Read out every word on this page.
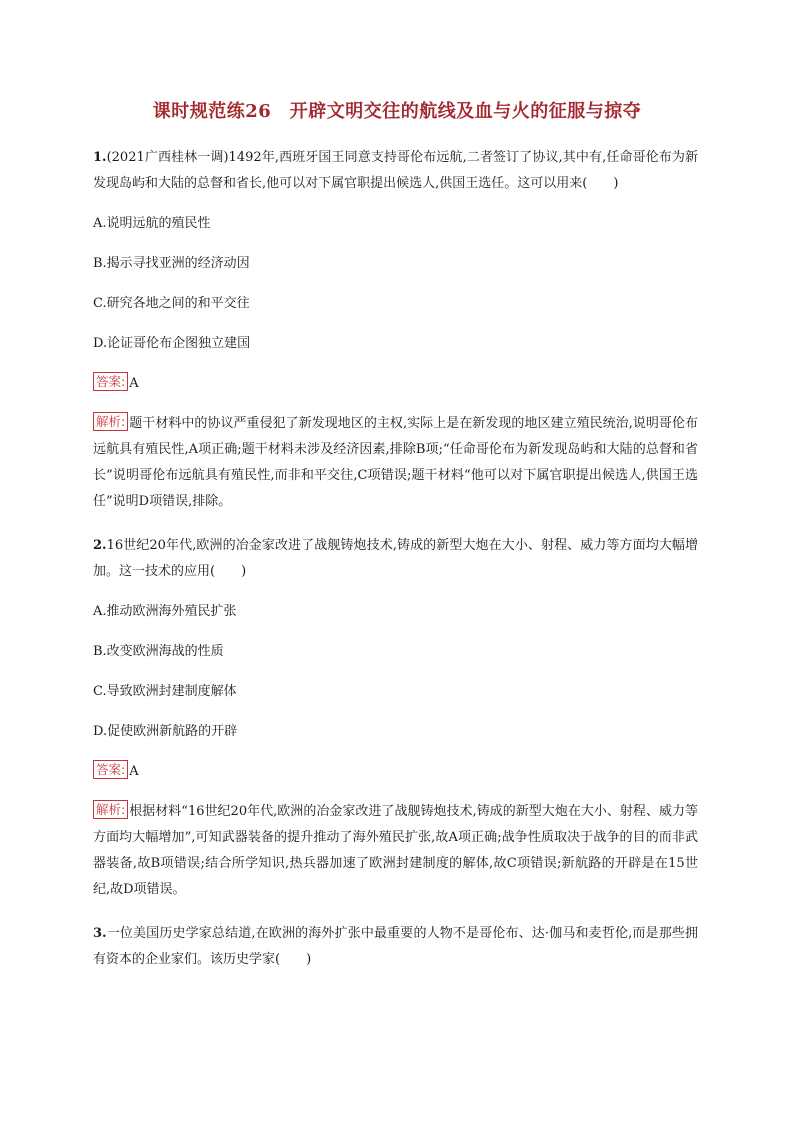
课时规范练26　开辟文明交往的航线及血与火的征服与掠夺

1.(2021广西桂林一调)1492年,西班牙国王同意支持哥伦布远航,二者签订了协议,其中有,任命哥伦布为新发现岛屿和大陆的总督和省长,他可以对下属官职提出候选人,供国王选任。这可以用来(　　)

A.说明远航的殖民性

B.揭示寻找亚洲的经济动因

C.研究各地之间的和平交往

D.论证哥伦布企图独立建国

答案: A

解析: 题干材料中的协议严重侵犯了新发现地区的主权,实际上是在新发现的地区建立殖民统治,说明哥伦布远航具有殖民性,A项正确;题干材料未涉及经济因素,排除B项;“任命哥伦布为新发现岛屿和大陆的总督和省长”说明哥伦布远航具有殖民性,而非和平交往,C项错误;题干材料“他可以对下属官职提出候选人,供国王选任”说明D项错误,排除。

2.16世纪20年代,欧洲的冶金家改进了战舰铸炮技术,铸成的新型大炮在大小、射程、威力等方面均大幅增加。这一技术的应用(　　)

A.推动欧洲海外殖民扩张

B.改变欧洲海战的性质

C.导致欧洲封建制度解体

D.促使欧洲新航路的开辟

答案: A

解析: 根据材料“16世纪20年代,欧洲的冶金家改进了战舰铸炮技术,铸成的新型大炮在大小、射程、威力等方面均大幅增加”,可知武器装备的提升推动了海外殖民扩张,故A项正确;战争性质取决于战争的目的而非武器装备,故B项错误;结合所学知识,热兵器加速了欧洲封建制度的解体,故C项错误;新航路的开辟是在15世纪,故D项错误。

3.一位美国历史学家总结道,在欧洲的海外扩张中最重要的人物不是哥伦布、达·伽马和麦哲伦,而是那些拥有资本的企业家们。该历史学家(　　)
